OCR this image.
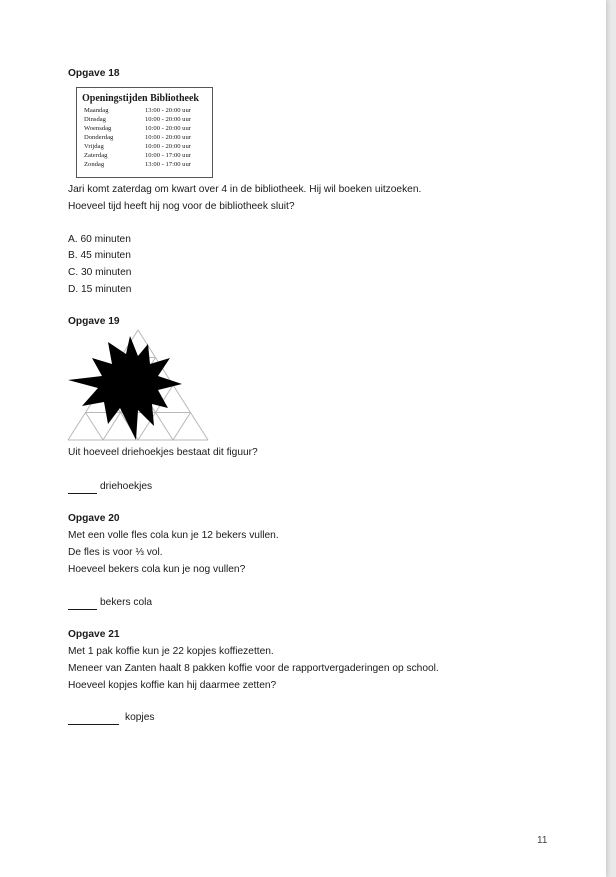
Opgave 18
Openingstijden Bibliotheek
Maandag	13:00 - 20:00 uur
Dinsdag	10:00 - 20:00 uur
Woensdag	10:00 - 20:00 uur
Donderdag	10:00 - 20:00 uur
Vrijdag	10:00 - 20:00 uur
Zaterdag	10:00 - 17:00 uur
Zondag	13:00 - 17:00 uur
Jari komt zaterdag om kwart over 4 in de bibliotheek. Hij wil boeken uitzoeken.
Hoeveel tijd heeft hij nog voor de bibliotheek sluit?
A. 60 minuten
B. 45 minuten
C. 30 minuten
D. 15 minuten
Opgave 19
Uit hoeveel driehoekjes bestaat dit figuur?
driehoekjes
Opgave 20
Met een volle fles cola kun je 12 bekers vullen.
De fles is voor ⅓ vol.
Hoeveel bekers cola kun je nog vullen?
bekers cola
Opgave 21
Met 1 pak koffie kun je 22 kopjes koffiezetten.
Meneer van Zanten haalt 8 pakken koffie voor de rapportvergaderingen op school.
Hoeveel kopjes koffie kan hij daarmee zetten?
kopjes
11
